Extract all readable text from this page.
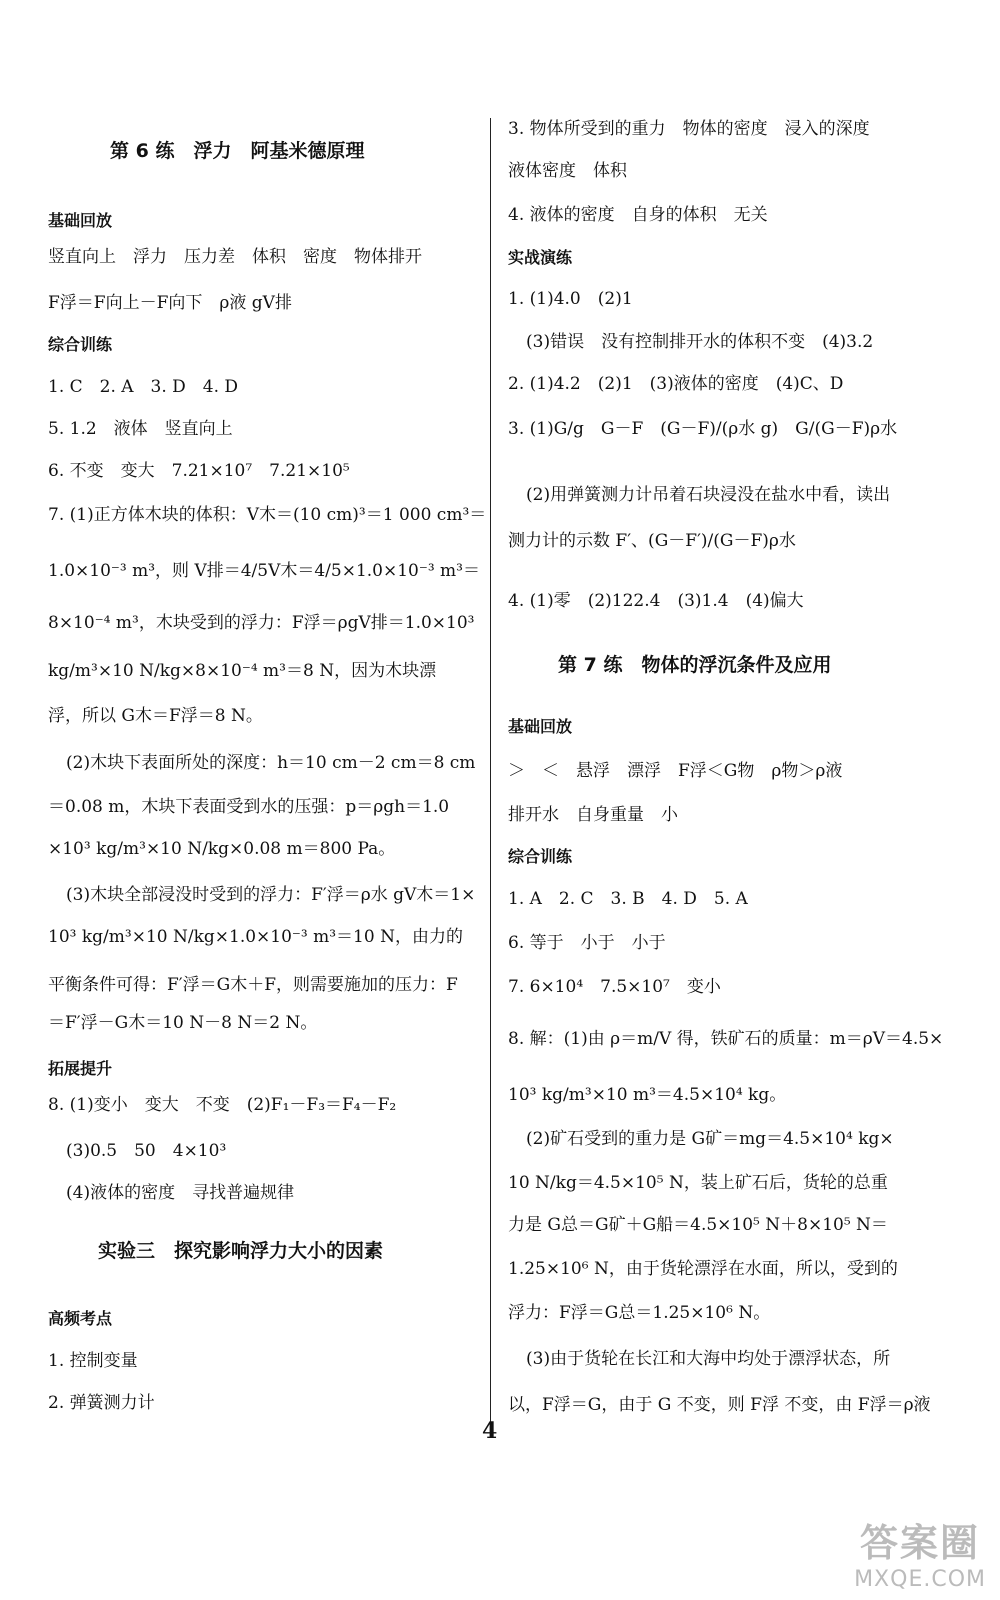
第 6 练　浮力　阿基米德原理
基础回放
竖直向上　浮力　压力差　体积　密度　物体排开
F浮＝F向上－F向下　ρ液 gV排
综合训练
1. C　2. A　3. D　4. D
5. 1.2　液体　竖直向上
6. 不变　变大　7.21×10⁷　7.21×10⁵
7. (1)正方体木块的体积：V木＝(10 cm)³＝1 000 cm³＝
1.0×10⁻³ m³，则 V排＝4/5V木＝4/5×1.0×10⁻³ m³＝
8×10⁻⁴ m³，木块受到的浮力：F浮＝ρgV排＝1.0×10³
kg/m³×10 N/kg×8×10⁻⁴ m³＝8 N，因为木块漂
浮，所以 G木＝F浮＝8 N。
(2)木块下表面所处的深度：h＝10 cm－2 cm＝8 cm
＝0.08 m，木块下表面受到水的压强：p＝ρgh＝1.0
×10³ kg/m³×10 N/kg×0.08 m＝800 Pa。
(3)木块全部浸没时受到的浮力：F′浮＝ρ水 gV木＝1×
10³ kg/m³×10 N/kg×1.0×10⁻³ m³＝10 N，由力的
平衡条件可得：F′浮＝G木＋F，则需要施加的压力：F
＝F′浮－G木＝10 N－8 N＝2 N。
拓展提升
8. (1)变小　变大　不变　(2)F₁－F₃＝F₄－F₂
(3)0.5　50　4×10³
(4)液体的密度　寻找普遍规律
实验三　探究影响浮力大小的因素
高频考点
1. 控制变量
2. 弹簧测力计
3. 物体所受到的重力　物体的密度　浸入的深度
液体密度　体积
4. 液体的密度　自身的体积　无关
实战演练
1. (1)4.0　(2)1
(3)错误　没有控制排开水的体积不变　(4)3.2
2. (1)4.2　(2)1　(3)液体的密度　(4)C、D
3. (1)G/g　G－F　(G－F)/(ρ水 g)　G/(G－F)ρ水
(2)用弹簧测力计吊着石块浸没在盐水中看，读出
测力计的示数 F′、(G－F′)/(G－F)ρ水
4. (1)零　(2)122.4　(3)1.4　(4)偏大
第 7 练　物体的浮沉条件及应用
基础回放
＞　＜　悬浮　漂浮　F浮＜G物　ρ物＞ρ液
排开水　自身重量　小
综合训练
1. A　2. C　3. B　4. D　5. A
6. 等于　小于　小于
7. 6×10⁴　7.5×10⁷　变小
8. 解：(1)由 ρ＝m/V 得，铁矿石的质量：m＝ρV＝4.5×
10³ kg/m³×10 m³＝4.5×10⁴ kg。
(2)矿石受到的重力是 G矿＝mg＝4.5×10⁴ kg×
10 N/kg＝4.5×10⁵ N，装上矿石后，货轮的总重
力是 G总＝G矿＋G船＝4.5×10⁵ N＋8×10⁵ N＝
1.25×10⁶ N，由于货轮漂浮在水面，所以，受到的
浮力：F浮＝G总＝1.25×10⁶ N。
(3)由于货轮在长江和大海中均处于漂浮状态，所
以，F浮＝G，由于 G 不变，则 F浮 不变，由 F浮＝ρ液
4
答案圈
MXQE.COM
